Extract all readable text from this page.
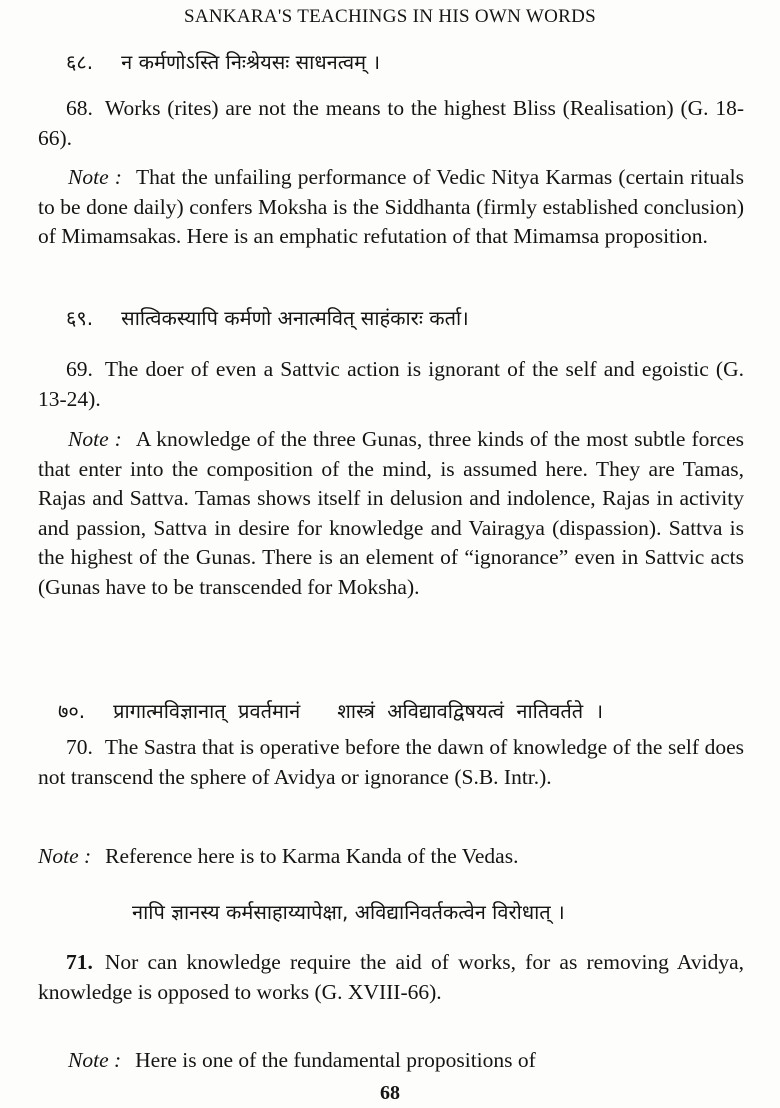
SANKARA'S TEACHINGS IN HIS OWN WORDS
६८. न कर्मणोऽस्ति निःश्रेयसः साधनत्वम् ।
68. Works (rites) are not the means to the highest Bliss (Realisation) (G. 18-66).
Note : That the unfailing performance of Vedic Nitya Karmas (certain rituals to be done daily) confers Moksha is the Siddhanta (firmly established conclusion) of Mimamsakas. Here is an emphatic refutation of that Mimamsa proposition.
६९. सात्विकस्यापि कर्मणो अनात्मवित् साहंकारः कर्ता।
69. The doer of even a Sattvic action is ignorant of the self and egoistic (G. 13-24).
Note : A knowledge of the three Gunas, three kinds of the most subtle forces that enter into the composition of the mind, is assumed here. They are Tamas, Rajas and Sattva. Tamas shows itself in delusion and indolence, Rajas in activity and passion, Sattva in desire for knowledge and Vairagya (dispassion). Sattva is the highest of the Gunas. There is an element of “ignorance” even in Sattvic acts (Gunas have to be transcended for Moksha).
७०. प्रागात्मविज्ञानात् प्रवर्तमानं   शास्त्रं अविद्यावद्विषयत्वं नातिवर्तते ।
70. The Sastra that is operative before the dawn of knowledge of the self does not transcend the sphere of Avidya or ignorance (S.B. Intr.).
Note : Reference here is to Karma Kanda of the Vedas.
नापि ज्ञानस्य कर्मसाहाय्यापेक्षा, अविद्यानिवर्तकत्वेन विरोधात् ।
71. Nor can knowledge require the aid of works, for as removing Avidya, knowledge is opposed to works (G. XVIII-66).
Note : Here is one of the fundamental propositions of
68
